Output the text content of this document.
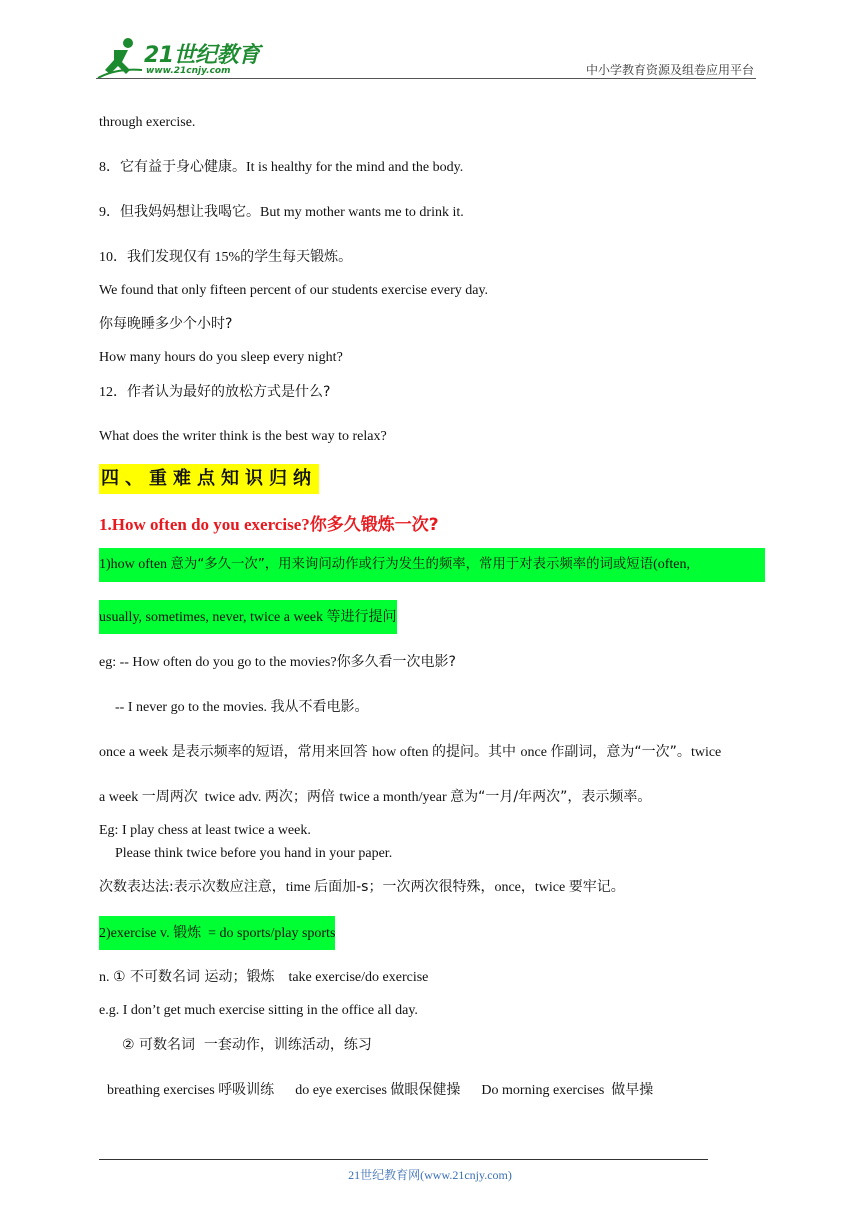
21世纪教育
www.21cnjy.com	中小学教育资源及组卷应用平台
through exercise.
8．它有益于身心健康。It is healthy for the mind and the body.
9．但我妈妈想让我喝它。But my mother wants me to drink it.
10．我们发现仅有 15%的学生每天锻炼。
We found that only fifteen percent of our students exercise every day.
你每晚睡多少个小时?
How many hours do you sleep every night?
12．作者认为最好的放松方式是什么?
What does the writer think is the best way to relax?
四、重难点知识归纳
1.How often do you exercise?你多久锻炼一次?
1)how often 意为“多久一次”，用来询问动作或行为发生的频率，常用于对表示频率的词或短语(often,
usually, sometimes, never, twice a week 等进行提问
eg: -- How often do you go to the movies?你多久看一次电影?
-- I never go to the movies. 我从不看电影。
once a week 是表示频率的短语，常用来回答 how often 的提问。其中 once 作副词，意为“一次”。twice
a week 一周两次  twice adv. 两次；两倍 twice a month/year 意为“一月/年两次”，表示频率。
Eg: I play chess at least twice a week.
Please think twice before you hand in your paper.
次数表达法:表示次数应注意，time 后面加-s；一次两次很特殊，once，twice 要牢记。
2)exercise v. 锻炼  = do sports/play sports
n. ① 不可数名词 运动；锻炼    take exercise/do exercise
e.g. I don’t get much exercise sitting in the office all day.
② 可数名词  一套动作，训练活动，练习
breathing exercises 呼吸训练      do eye exercises 做眼保健操      Do morning exercises  做早操
21世纪教育网(www.21cnjy.com)
